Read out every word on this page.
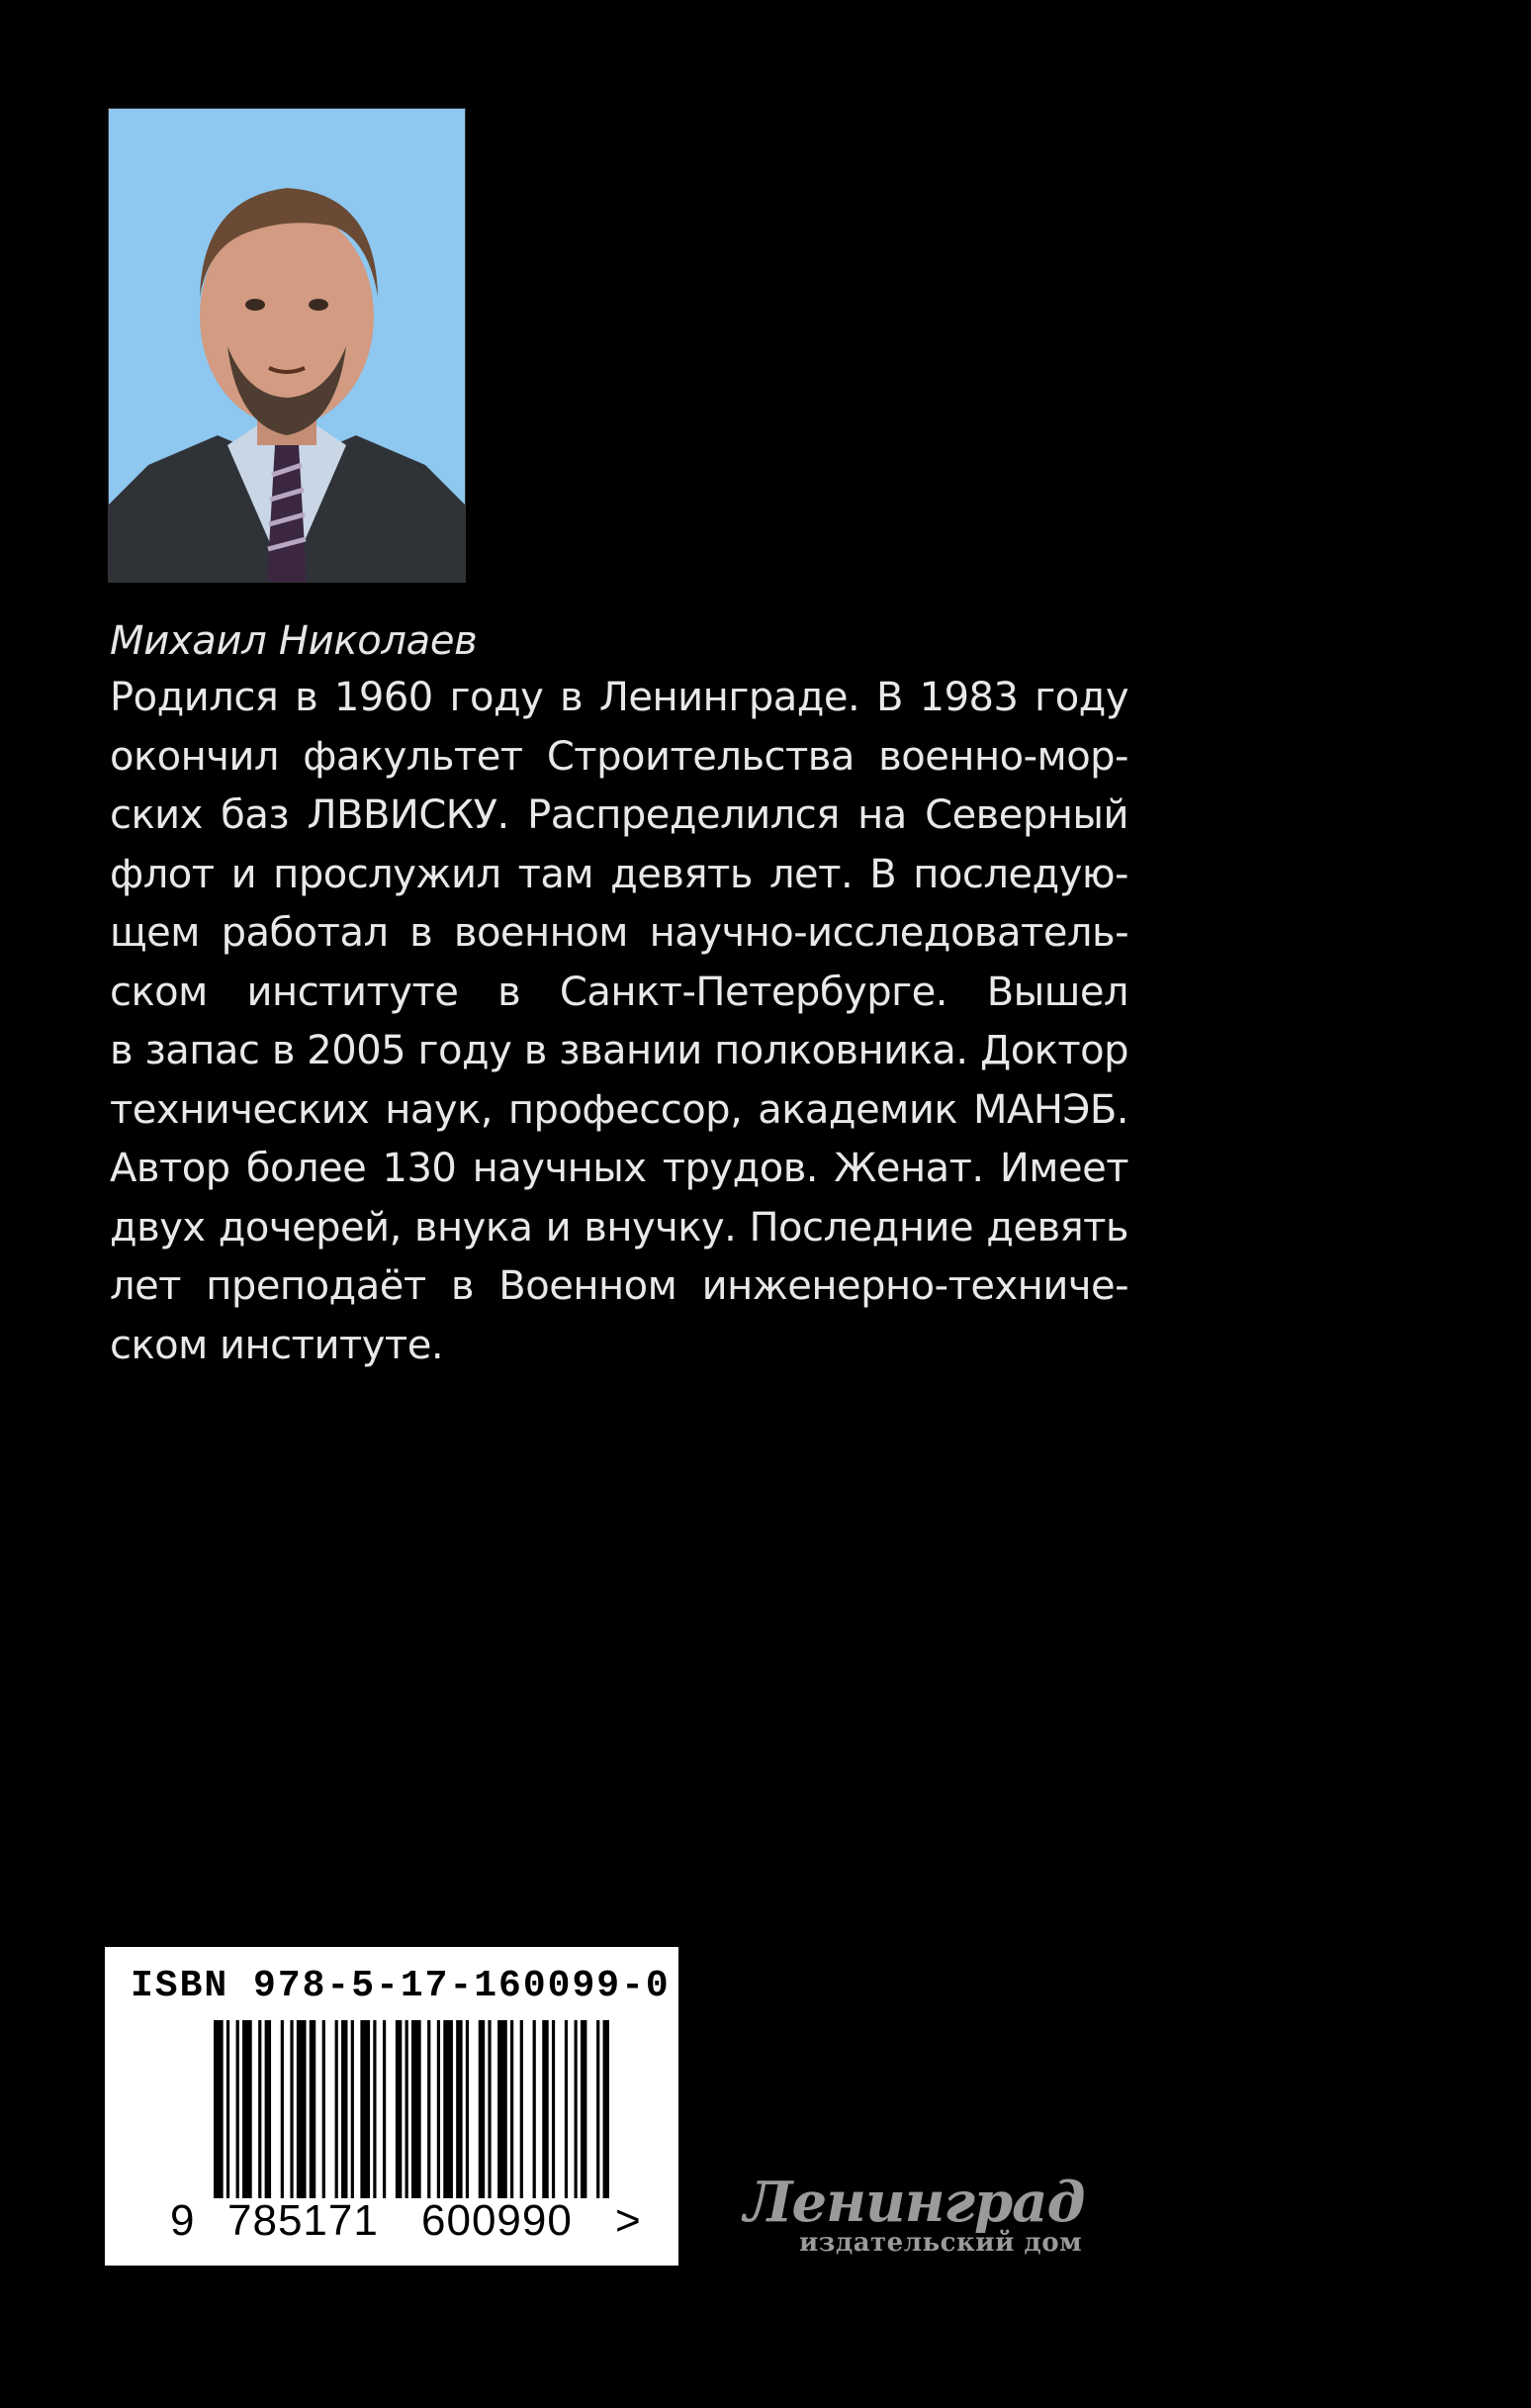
Михаил Николаев

Родился в 1960 году в Ленинграде. В 1983 году
окончил факультет Строительства военно-мор-
ских баз ЛВВИСКУ. Распределился на Северный
флот и прослужил там девять лет. В последую-
щем работал в военном научно-исследователь-
ском институте в Санкт-Петербурге. Вышел
в запас в 2005 году в звании полковника. Доктор
технических наук, профессор, академик МАНЭБ.
Автор более 130 научных трудов. Женат. Имеет
двух дочерей, внука и внучку. Последние девять
лет преподаёт в Военном инженерно-техниче-
ском институте.
ISBN 978-5-17-160099-0
9 785171 600990 > Ленинград
издательский дом
